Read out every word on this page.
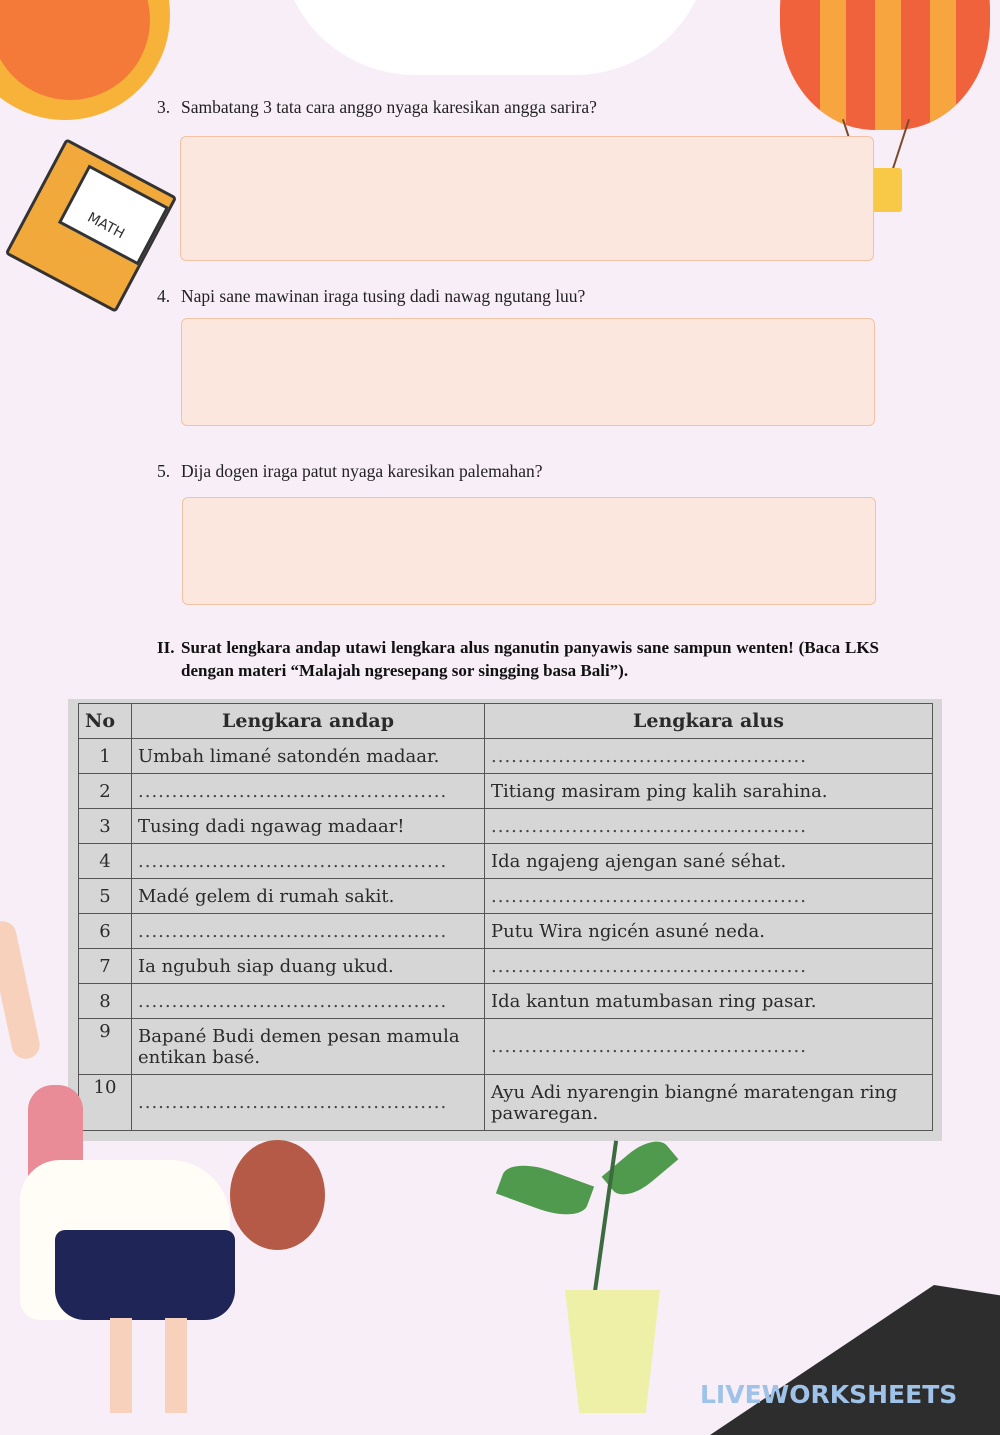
MATH
3. Sambatang 3 tata cara anggo nyaga karesikan angga sarira?
4. Napi sane mawinan iraga tusing dadi nawag ngutang luu?
5. Dija dogen iraga patut nyaga karesikan palemahan?
II. Surat lengkara andap utawi lengkara alus nganutin panyawis sane sampun wenten! (Baca LKS dengan materi “Malajah ngresepang sor singging basa Bali”).
No	Lengkara andap	Lengkara alus
1	Umbah limané satondén madaar.	...............................................
2	..............................................	Titiang masiram ping kalih sarahina.
3	Tusing dadi ngawag madaar!	...............................................
4	..............................................	Ida ngajeng ajengan sané séhat.
5	Madé gelem di rumah sakit.	...............................................
6	..............................................	Putu Wira ngicén asuné neda.
7	Ia ngubuh siap duang ukud.	...............................................
8	..............................................	Ida kantun matumbasan ring pasar.
9	Bapané Budi demen pesan mamula entikan basé.	...............................................
10	..............................................	Ayu Adi nyarengin biangné maratengan ring pawaregan.
LIVEWORKSHEETS
